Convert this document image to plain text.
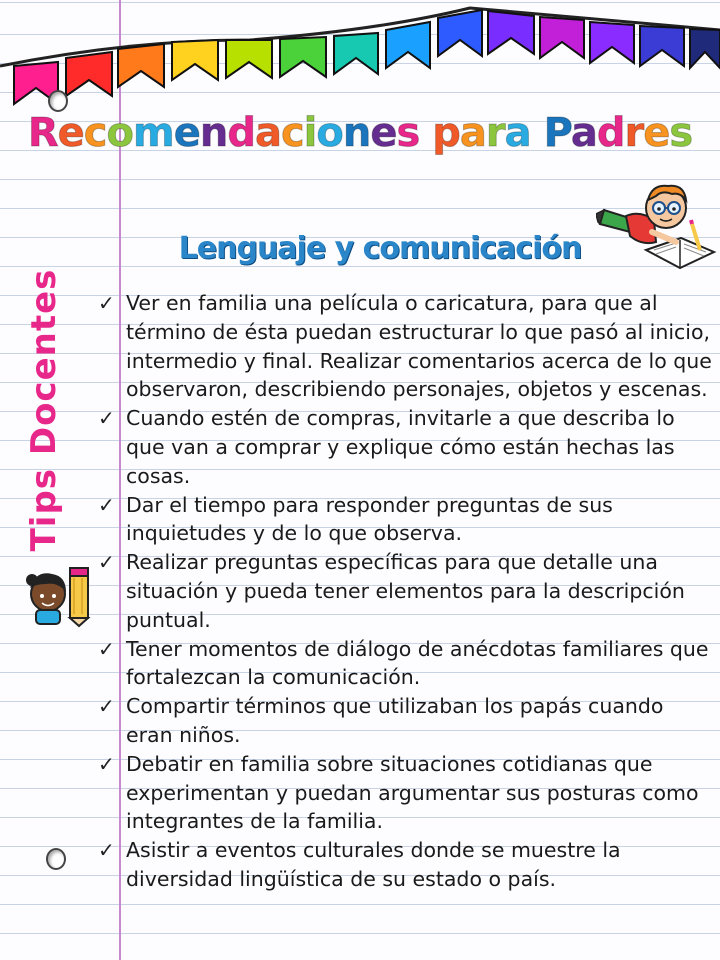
Recomendaciones para Padres
Lenguaje y comunicación
Tips Docentes ✓ Ver en familia una película o caricatura, para que al término de ésta puedan estructurar lo que pasó al inicio, intermedio y final. Realizar comentarios acerca de lo que observaron, describiendo personajes, objetos y escenas.
✓ Cuando estén de compras, invitarle a que describa lo que van a comprar y explique cómo están hechas las cosas.
✓ Dar el tiempo para responder preguntas de sus inquietudes y de lo que observa.
✓ Realizar preguntas específicas para que detalle una situación y pueda tener elementos para la descripción puntual.
✓ Tener momentos de diálogo de anécdotas familiares que fortalezcan la comunicación.
✓ Compartir términos que utilizaban los papás cuando eran niños.
✓ Debatir en familia sobre situaciones cotidianas que experimentan y puedan argumentar sus posturas como integrantes de la familia.
✓ Asistir a eventos culturales donde se muestre la diversidad lingüística de su estado o país.
